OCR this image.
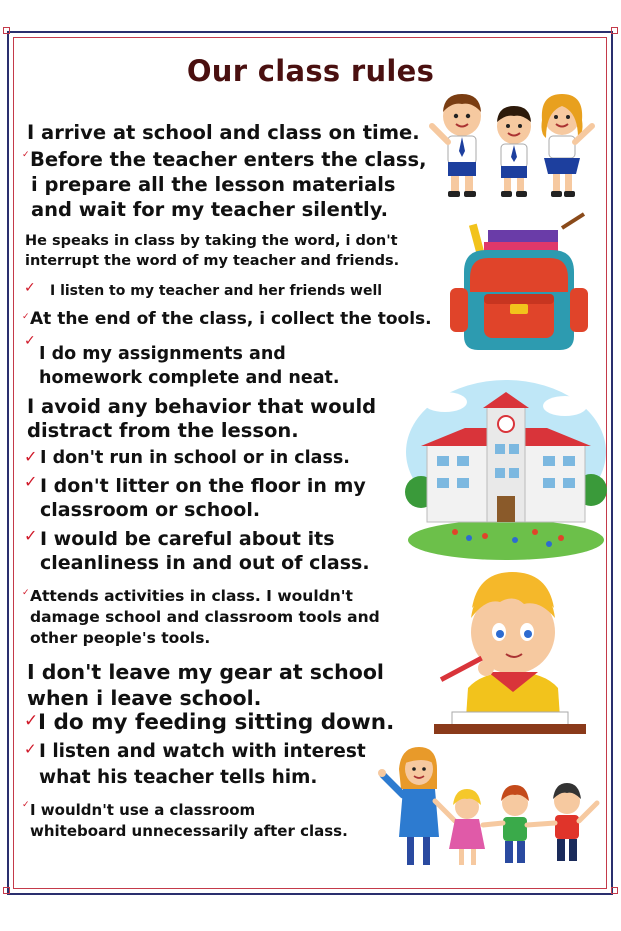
Our class rules
I arrive at school and class on time.
✓ Before the teacher enters the class,
i prepare all the lesson materials
and wait for my teacher silently.
He speaks in class by taking the word, i don't
interrupt the word of my teacher and friends.
✓ I listen to my teacher and her friends well
✓ At the end of the class, i collect the tools.
✓
I do my assignments and
homework complete and neat.
I avoid any behavior that would
distract from the lesson.
✓ I don't run in school or in class.
✓ I don't litter on the floor in my
classroom or school.
✓ I would be careful about its
cleanliness in and out of class.
✓ Attends activities in class. I wouldn't
damage school and classroom tools and
other people's tools.
I don't leave my gear at school
when i leave school.
✓ I do my feeding sitting down.
✓ I listen and watch with interest
what his teacher tells him.
✓ I wouldn't use a classroom
whiteboard unnecessarily after class.
